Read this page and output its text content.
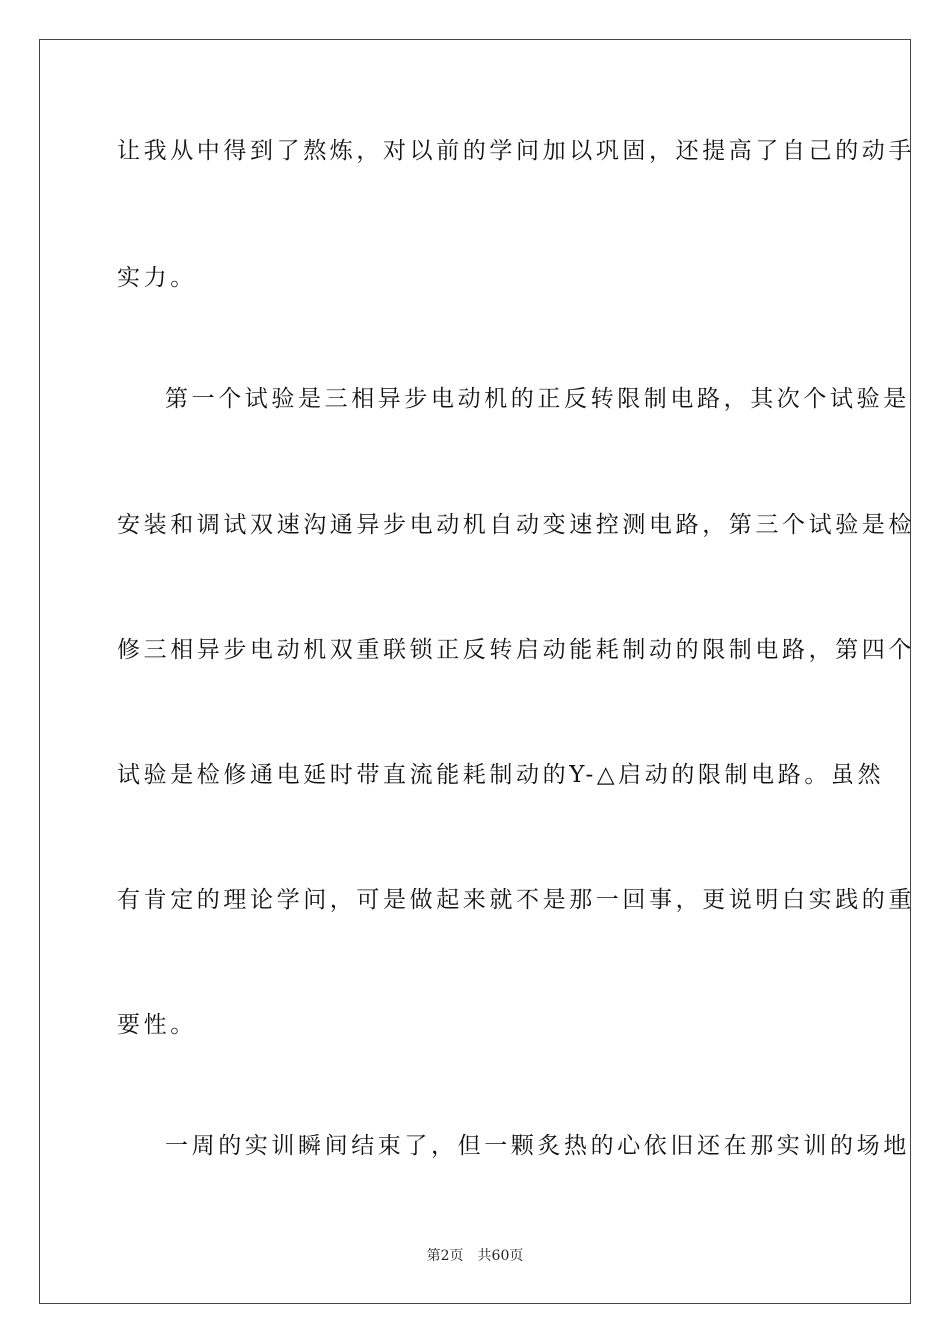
让我从中得到了熬炼，对以前的学问加以巩固，还提高了自己的动手
实力。
第一个试验是三相异步电动机的正反转限制电路，其次个试验是
安装和调试双速沟通异步电动机自动变速控测电路，第三个试验是检
修三相异步电动机双重联锁正反转启动能耗制动的限制电路，第四个
试验是检修通电延时带直流能耗制动的Y-△启动的限制电路。虽然
有肯定的理论学问，可是做起来就不是那一回事，更说明白实践的重
要性。
一周的实训瞬间结束了，但一颗炙热的心依旧还在那实训的场地
第2页 共60页
